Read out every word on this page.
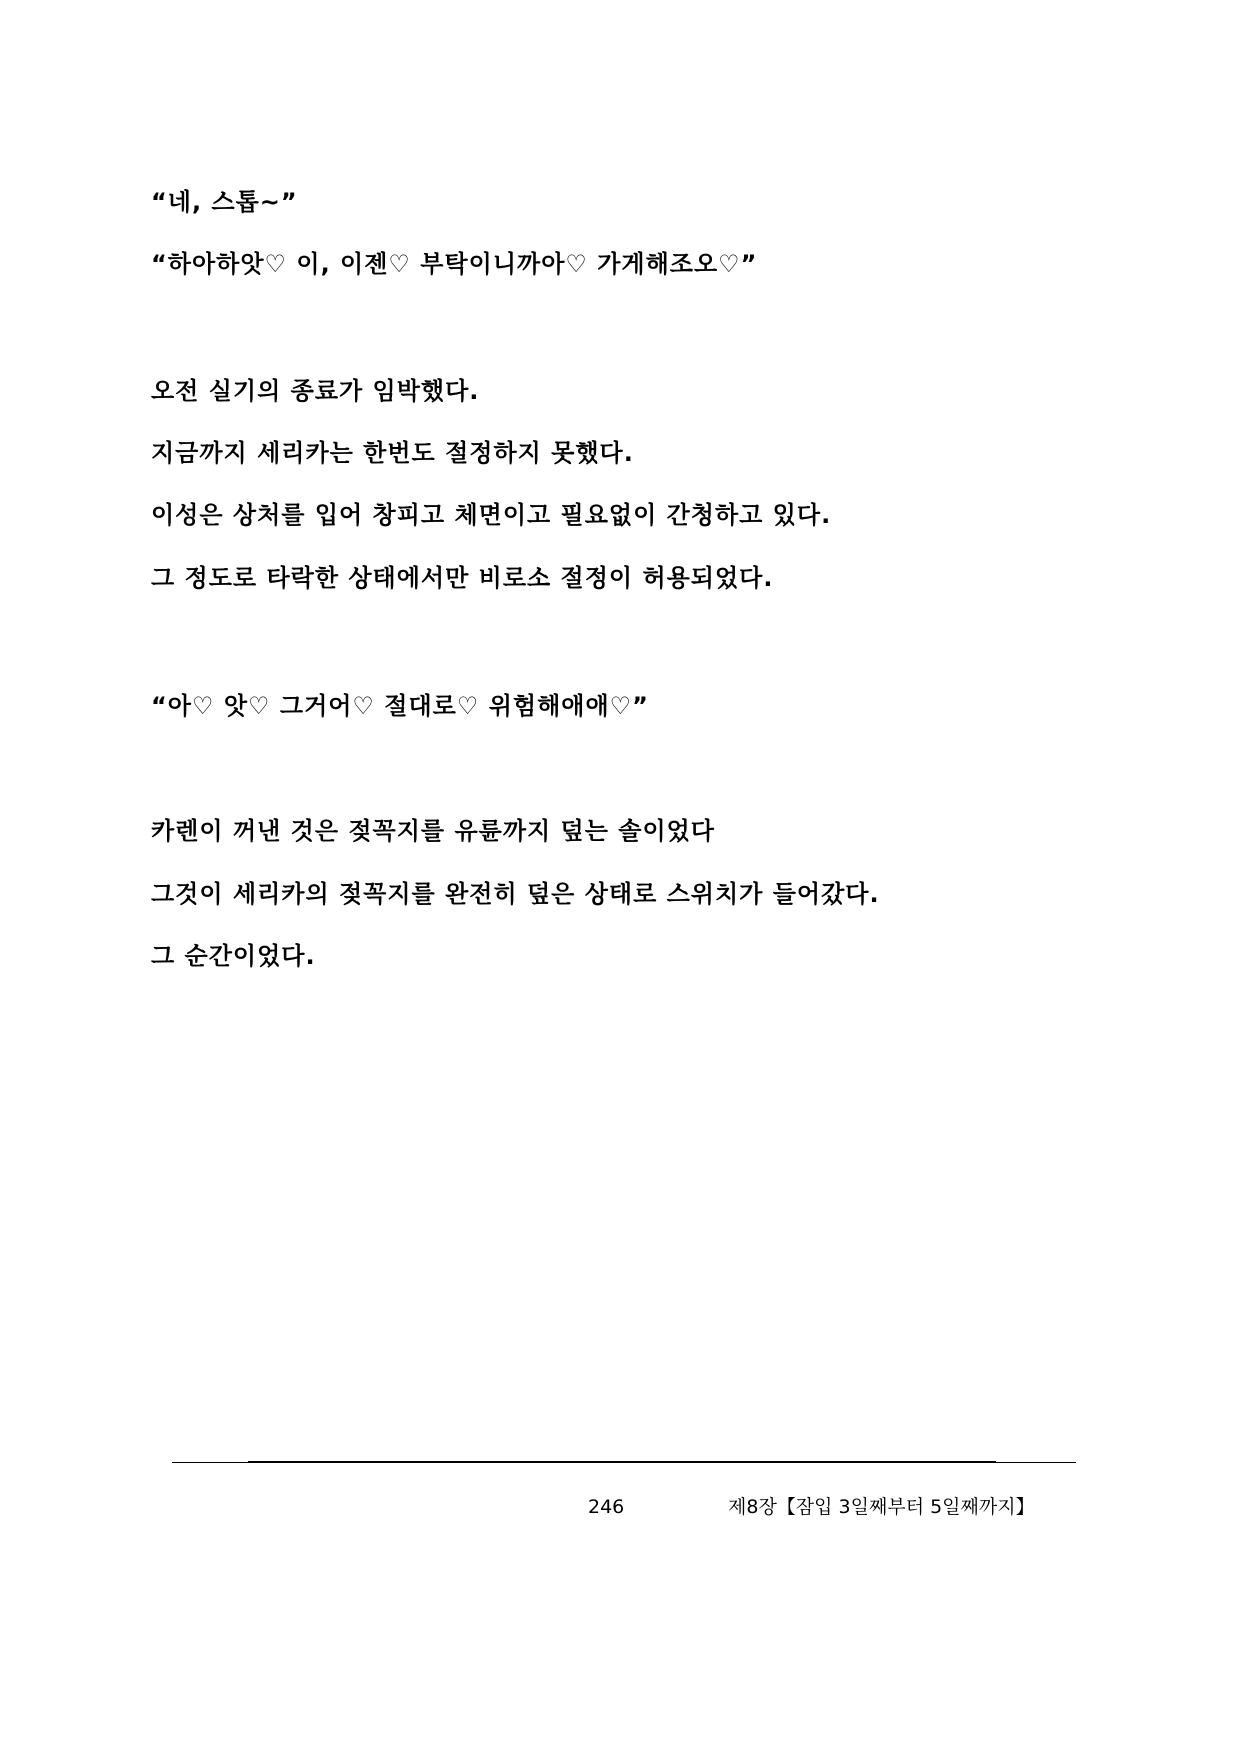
“네, 스톱~”
“하아하앗♡ 이, 이젠♡ 부탁이니까아♡ 가게해조오♡”
오전 실기의 종료가 임박했다.
지금까지 세리카는 한번도 절정하지 못했다.
이성은 상처를 입어 창피고 체면이고 필요없이 간청하고 있다.
그 정도로 타락한 상태에서만 비로소 절정이 허용되었다.
“아♡ 앗♡ 그거어♡ 절대로♡ 위험해애애♡”
카렌이 꺼낸 것은 젖꼭지를 유륜까지 덮는 솔이었다
그것이 세리카의 젖꼭지를 완전히 덮은 상태로 스위치가 들어갔다.
그 순간이었다.
246	제8장【잠입 3일째부터 5일째까지】
